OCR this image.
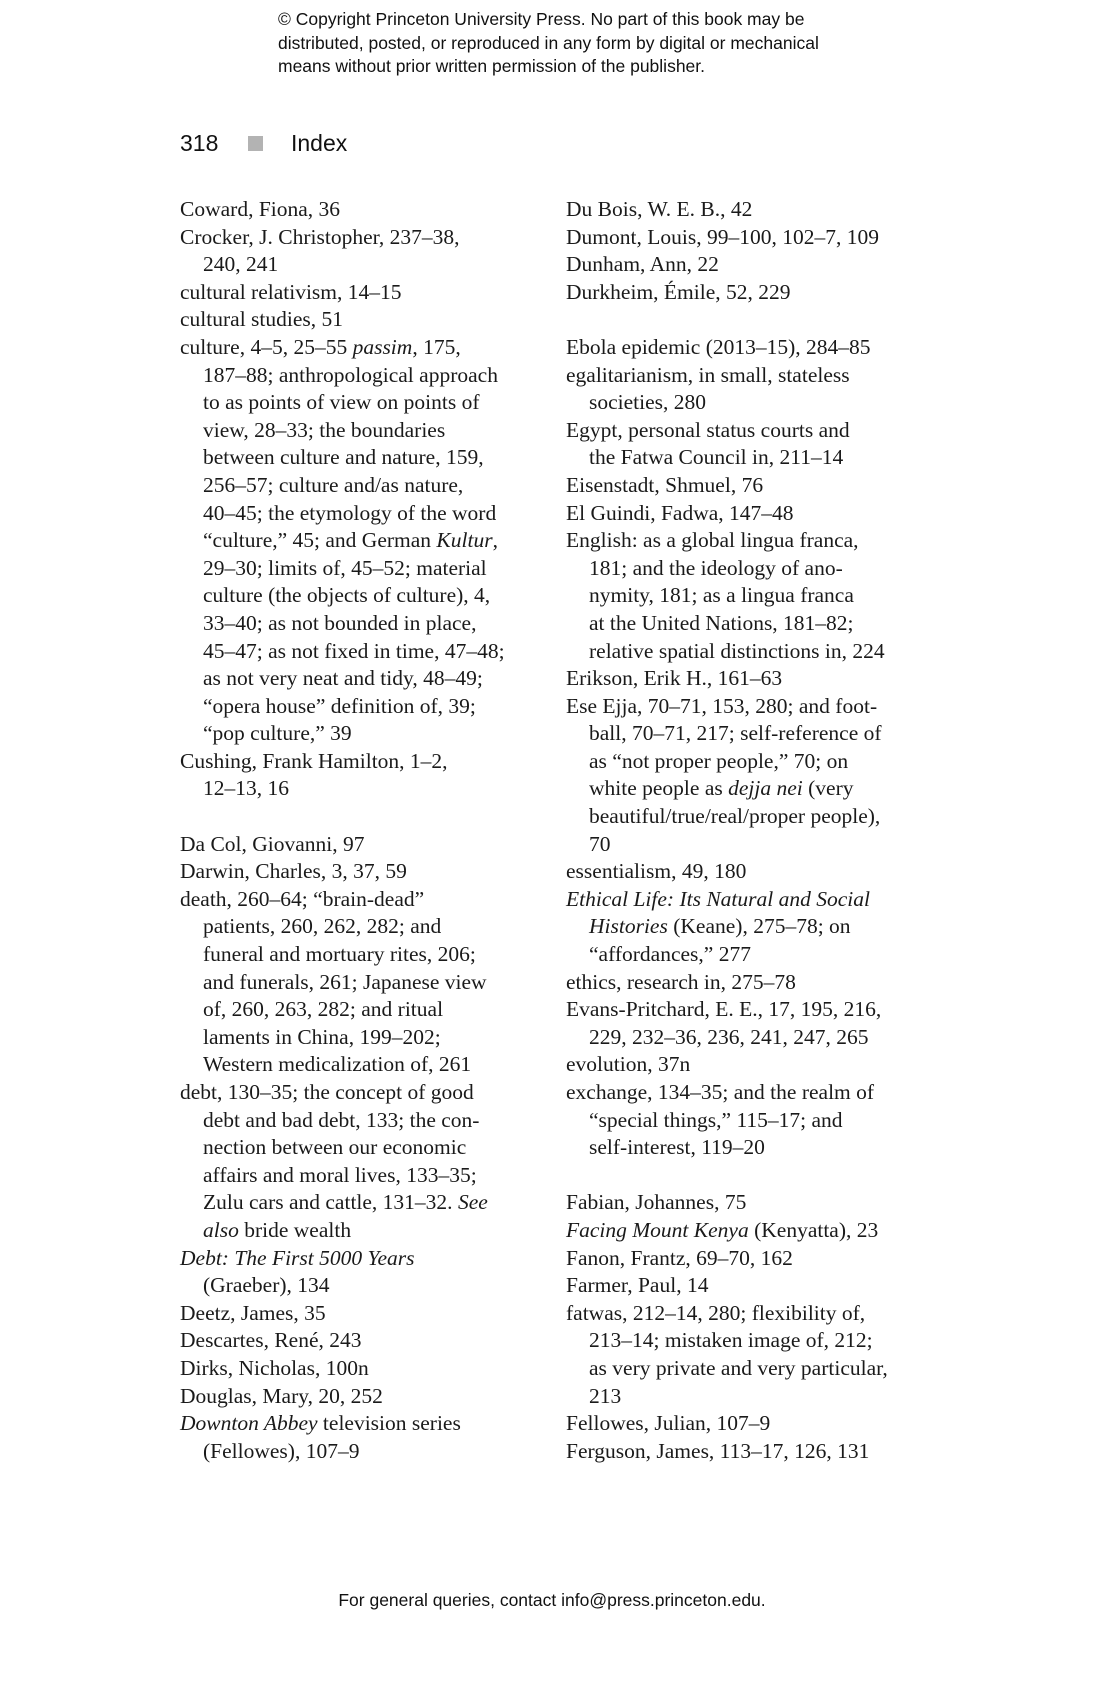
© Copyright Princeton University Press. No part of this book may be
distributed, posted, or reproduced in any form by digital or mechanical
means without prior written permission of the publisher.
318	Index
Coward, Fiona, 36
Crocker, J. Christopher, 237–38,
240, 241
cultural relativism, 14–15
cultural studies, 51
culture, 4–5, 25–55 passim, 175,
187–88; anthropological approach
to as points of view on points of
view, 28–33; the boundaries
between culture and nature, 159,
256–57; culture and/as nature,
40–45; the etymology of the word
“culture,” 45; and German Kultur,
29–30; limits of, 45–52; material
culture (the objects of culture), 4,
33–40; as not bounded in place,
45–47; as not fixed in time, 47–48;
as not very neat and tidy, 48–49;
“opera house” definition of, 39;
“pop culture,” 39
Cushing, Frank Hamilton, 1–2,
12–13, 16
Da Col, Giovanni, 97
Darwin, Charles, 3, 37, 59
death, 260–64; “brain-dead”
patients, 260, 262, 282; and
funeral and mortuary rites, 206;
and funerals, 261; Japanese view
of, 260, 263, 282; and ritual
laments in China, 199–202;
Western medicalization of, 261
debt, 130–35; the concept of good
debt and bad debt, 133; the con-
nection between our economic
affairs and moral lives, 133–35;
Zulu cars and cattle, 131–32. See
also bride wealth
Debt: The First 5000 Years
(Graeber), 134
Deetz, James, 35
Descartes, René, 243
Dirks, Nicholas, 100n
Douglas, Mary, 20, 252
Downton Abbey television series
(Fellowes), 107–9
Du Bois, W. E. B., 42
Dumont, Louis, 99–100, 102–7, 109
Dunham, Ann, 22
Durkheim, Émile, 52, 229
Ebola epidemic (2013–15), 284–85
egalitarianism, in small, stateless
societies, 280
Egypt, personal status courts and
the Fatwa Council in, 211–14
Eisenstadt, Shmuel, 76
El Guindi, Fadwa, 147–48
English: as a global lingua franca,
181; and the ideology of ano-
nymity, 181; as a lingua franca
at the United Nations, 181–82;
relative spatial distinctions in, 224
Erikson, Erik H., 161–63
Ese Ejja, 70–71, 153, 280; and foot-
ball, 70–71, 217; self-reference of
as “not proper people,” 70; on
white people as dejja nei (very
beautiful/true/real/proper people),
70
essentialism, 49, 180
Ethical Life: Its Natural and Social
Histories (Keane), 275–78; on
“affordances,” 277
ethics, research in, 275–78
Evans-Pritchard, E. E., 17, 195, 216,
229, 232–36, 236, 241, 247, 265
evolution, 37n
exchange, 134–35; and the realm of
“special things,” 115–17; and
self-interest, 119–20
Fabian, Johannes, 75
Facing Mount Kenya (Kenyatta), 23
Fanon, Frantz, 69–70, 162
Farmer, Paul, 14
fatwas, 212–14, 280; flexibility of,
213–14; mistaken image of, 212;
as very private and very particular,
213
Fellowes, Julian, 107–9
Ferguson, James, 113–17, 126, 131
For general queries, contact info@press.princeton.edu.
